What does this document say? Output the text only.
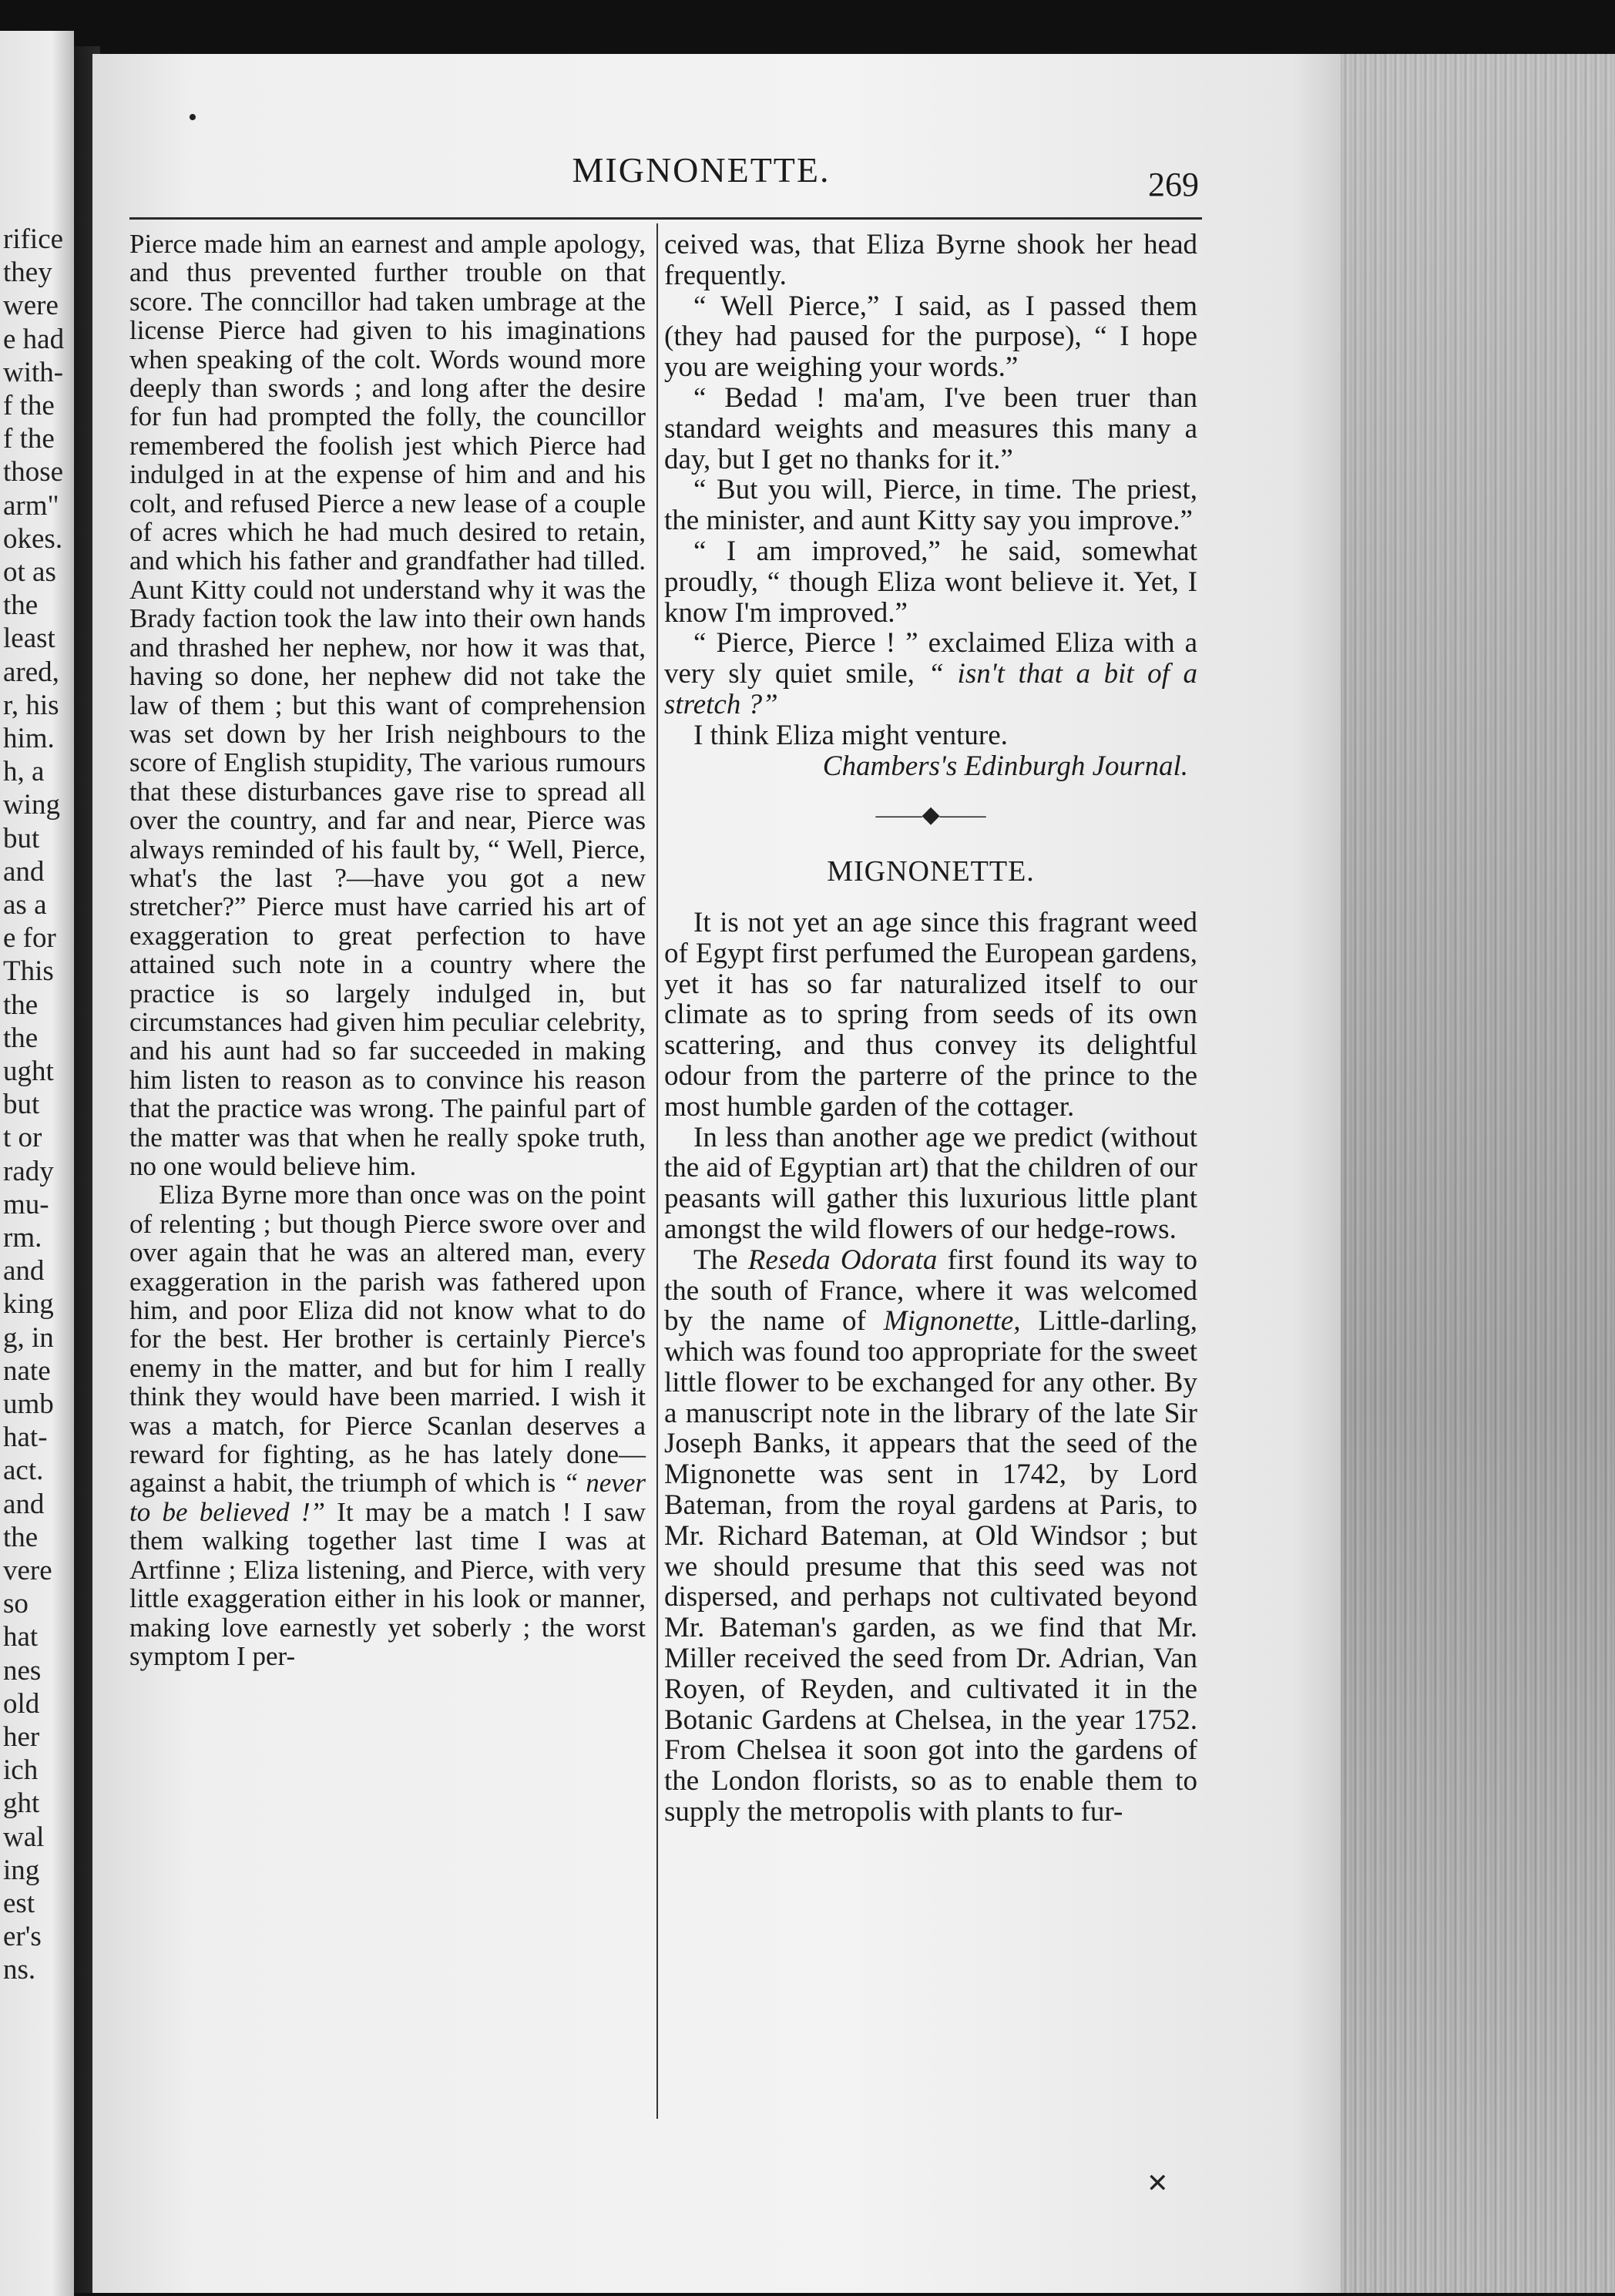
rifice
they
were
e had
with-
f the
f the
those
arm"
okes.
ot as
the
least
ared,
r, his
him.
h, a
wing
but
and
as a
e for
This
the
the
ught
but
t or
rady
mu-
rm.
and
king
g, in
nate
umb
hat-
act.
and
the
vere
so
hat
nes
old
her
ich
ght
wal
ing
est
er's
ns.
MIGNONETTE.	269
•
✕

Pierce made him an earnest and ample apology, and thus prevented further trouble on that score. The conncillor had taken umbrage at the license Pierce had given to his imaginations when speaking of the colt. Words wound more deeply than swords ; and long after the desire for fun had prompted the folly, the councillor remembered the foolish jest which Pierce had indulged in at the expense of him and and his colt, and refused Pierce a new lease of a couple of acres which he had much desired to retain, and which his father and grandfather had tilled. Aunt Kitty could not understand why it was the Brady faction took the law into their own hands and thrashed her nephew, nor how it was that, having so done, her nephew did not take the law of them ; but this want of comprehension was set down by her Irish neighbours to the score of English stupidity, The various rumours that these disturbances gave rise to spread all over the country, and far and near, Pierce was always reminded of his fault by, “ Well, Pierce, what's the last ?—have you got a new stretcher?” Pierce must have carried his art of exaggeration to great perfection to have attained such note in a country where the practice is so largely indulged in, but circumstances had given him peculiar celebrity, and his aunt had so far succeeded in making him listen to reason as to convince his reason that the practice was wrong. The painful part of the matter was that when he really spoke truth, no one would believe him.

Eliza Byrne more than once was on the point of relenting ; but though Pierce swore over and over again that he was an altered man, every exaggeration in the parish was fathered upon him, and poor Eliza did not know what to do for the best. Her brother is certainly Pierce's enemy in the matter, and but for him I really think they would have been married. I wish it was a match, for Pierce Scanlan deserves a reward for fighting, as he has lately done—against a habit, the triumph of which is “ never to be believed !” It may be a match ! I saw them walking together last time I was at Artfinne ; Eliza listening, and Pierce, with very little exaggeration either in his look or manner, making love earnestly yet soberly ; the worst symptom I per-

ceived was, that Eliza Byrne shook her head frequently.

“ Well Pierce,” I said, as I passed them (they had paused for the purpose), “ I hope you are weighing your words.”

“ Bedad ! ma'am, I've been truer than standard weights and measures this many a day, but I get no thanks for it.”

“ But you will, Pierce, in time. The priest, the minister, and aunt Kitty say you improve.”

“ I am improved,” he said, somewhat proudly, “ though Eliza wont believe it. Yet, I know I'm improved.”

“ Pierce, Pierce ! ” exclaimed Eliza with a very sly quiet smile, “ isn't that a bit of a stretch ?”

I think Eliza might venture.

Chambers's Edinburgh Journal.

——◆——

MIGNONETTE.

It is not yet an age since this fragrant weed of Egypt first perfumed the European gardens, yet it has so far naturalized itself to our climate as to spring from seeds of its own scattering, and thus convey its delightful odour from the parterre of the prince to the most humble garden of the cottager.

In less than another age we predict (without the aid of Egyptian art) that the children of our peasants will gather this luxurious little plant amongst the wild flowers of our hedge-rows.

The Reseda Odorata first found its way to the south of France, where it was welcomed by the name of Mignonette, Little-darling, which was found too appropriate for the sweet little flower to be exchanged for any other. By a manuscript note in the library of the late Sir Joseph Banks, it appears that the seed of the Mignonette was sent in 1742, by Lord Bateman, from the royal gardens at Paris, to Mr. Richard Bateman, at Old Windsor ; but we should presume that this seed was not dispersed, and perhaps not cultivated beyond Mr. Bateman's garden, as we find that Mr. Miller received the seed from Dr. Adrian, Van Royen, of Reyden, and cultivated it in the Botanic Gardens at Chelsea, in the year 1752. From Chelsea it soon got into the gardens of the London florists, so as to enable them to supply the metropolis with plants to fur-
